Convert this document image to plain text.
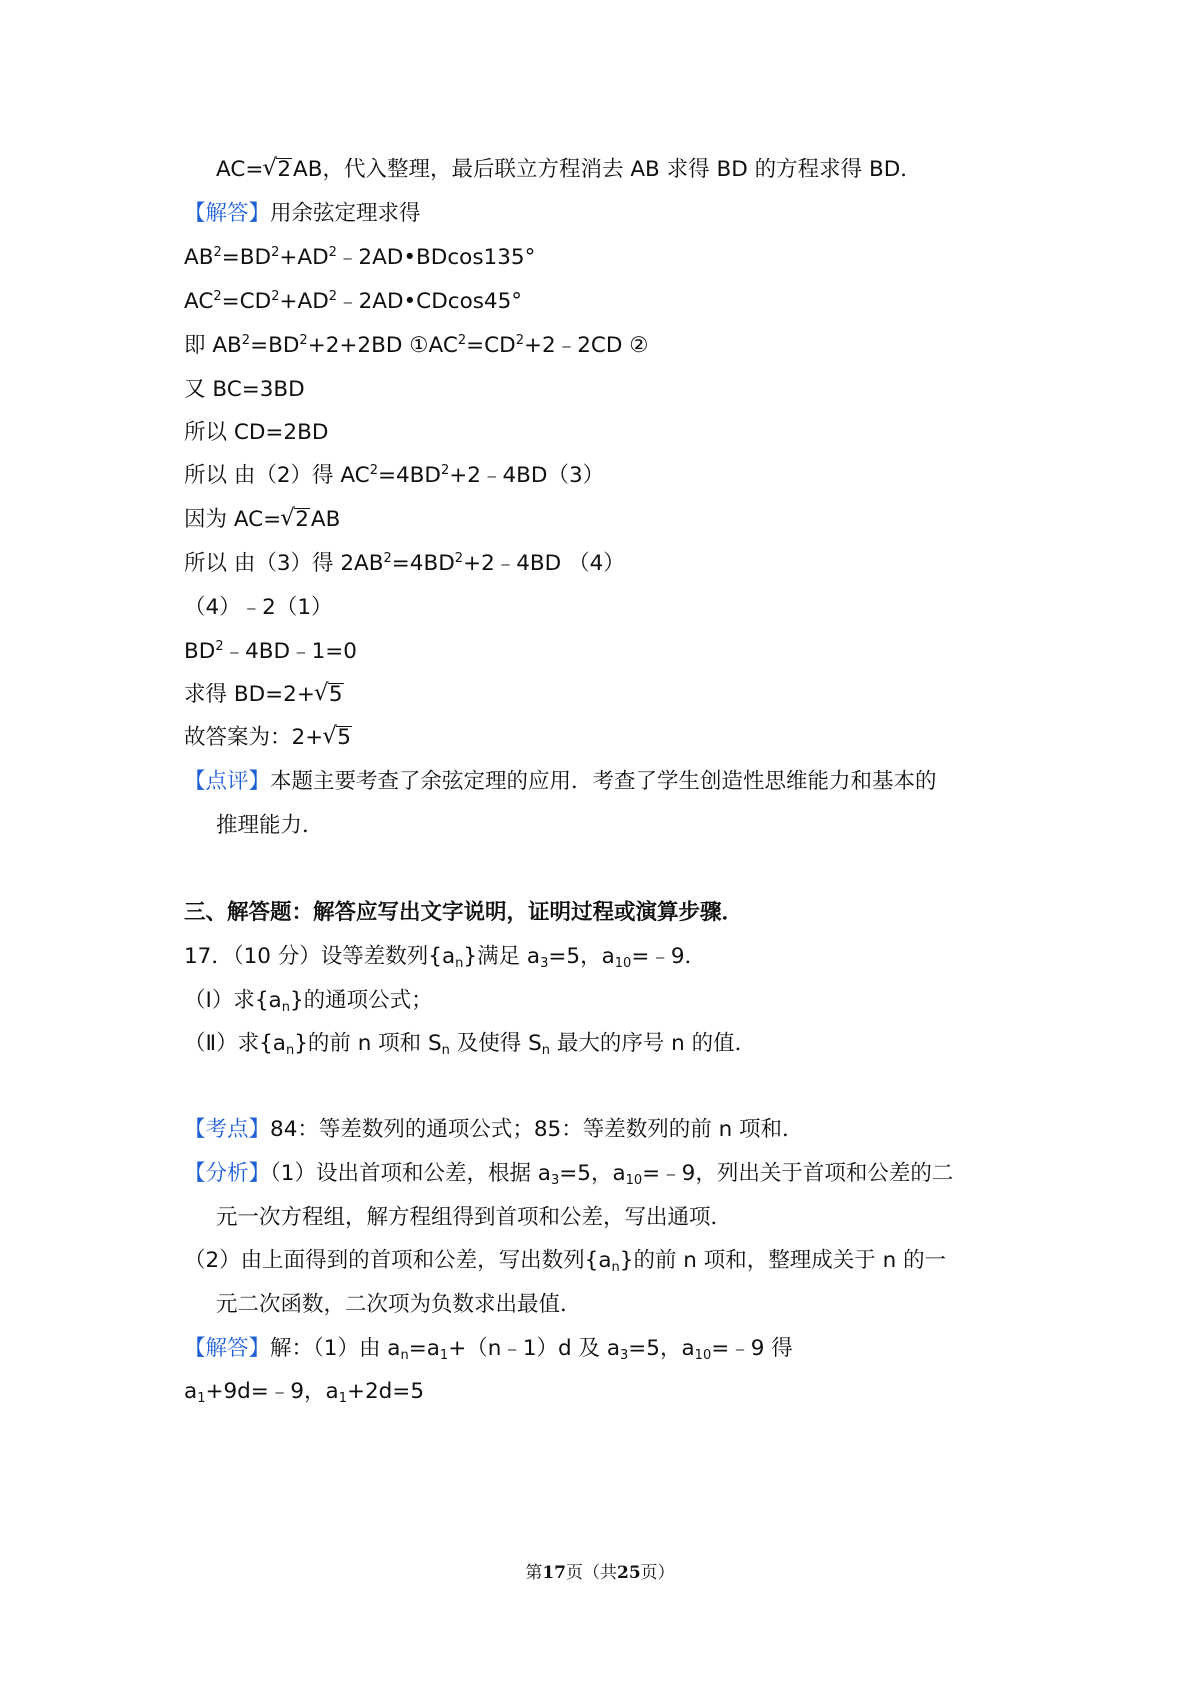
AC= √ 2AB，代入整理，最后联立方程消去 AB 求得 BD 的方程求得 BD．
【解答】用余弦定理求得
$AB^2=BD^2+AD^2﹣2AD•BDcos135^\circ$
$AC^2=CD^2+AD^2﹣2AD•CDcos45^\circ$
即 $AB^2=BD^2+2+2BD$ $①AC^2=CD^2+2﹣2CD$ ②
又 BC=3BD
所以 CD=2BD
所以 由（2）得 $AC^2=4BD^2+2﹣4BD(3)$
因为 AC= √ 2AB
所以 由（3）得 $2AB^2=4BD^2+2﹣4BD$ （4）
（4）﹣2（1）
$BD^2﹣4BD﹣1=0$
求得 BD=2+ √ 5
故答案为：2+ √ 5
【点评】本题主要考查了余弦定理的应用．考查了学生创造性思维能力和基本的
推理能力．
三、解答题：解答应写出文字说明，证明过程或演算步骤．
17．（10 分）设等差数列$\{a_n\}$满足 $a_3=5$，$a_{10}=﹣9$．
（Ⅰ）求$\{a_n\}$的通项公式；
（Ⅱ）求$\{a_n\}$的前 n 项和 $S_n$ 及使得 $S_n$ 最大的序号 n 的值．
【考点】84：等差数列的通项公式；85：等差数列的前 n 项和．
【分析】（1）设出首项和公差，根据 $a_3=5$，$a_{10}=﹣9$，列出关于首项和公差的二
元一次方程组，解方程组得到首项和公差，写出通项．
（2）由上面得到的首项和公差，写出数列$\{a_n\}$的前 n 项和，整理成关于 n 的一
元二次函数，二次项为负数求出最值．
【解答】解：（1）由 $a_n=a_1+(n﹣1)d$ 及 $a_3=5$，$a_{10}=﹣9$ 得
$a_1+9d=﹣9$，$a_1+2d=5$
第17页（共25页）
